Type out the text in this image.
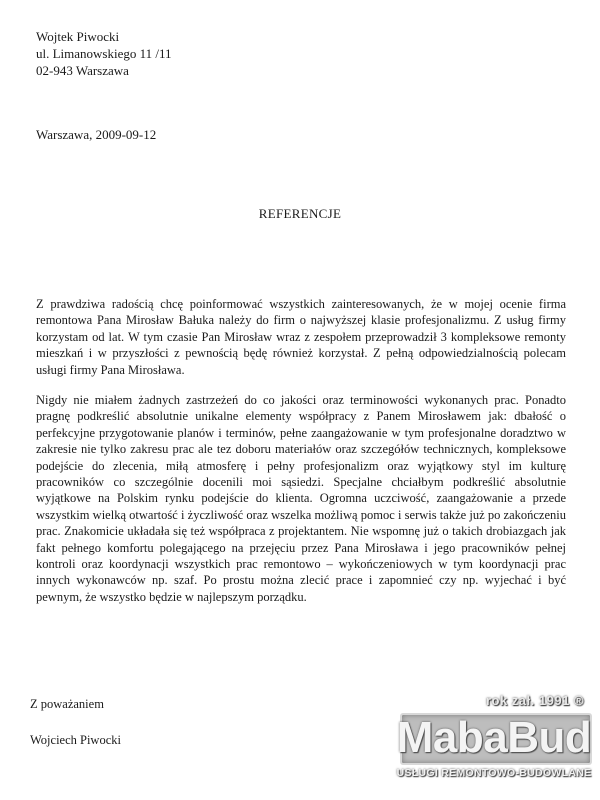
Wojtek Piwocki
ul. Limanowskiego 11 /11
02-943 Warszawa
Warszawa, 2009-09-12
REFERENCJE

Z prawdziwa radością chcę poinformować wszystkich zainteresowanych, że w mojej ocenie firma remontowa Pana Mirosław Bałuka należy do firm o najwyższej klasie profesjonalizmu. Z usług firmy korzystam od lat. W tym czasie Pan Mirosław wraz z zespołem przeprowadził 3 kompleksowe remonty mieszkań i w przyszłości z pewnością będę również korzystał. Z pełną odpowiedzialnością polecam usługi firmy Pana Mirosława.

Nigdy nie miałem żadnych zastrzeżeń do co jakości oraz terminowości wykonanych prac. Ponadto pragnę podkreślić absolutnie unikalne elementy współpracy z Panem Mirosławem jak: dbałość o perfekcyjne przygotowanie planów i terminów, pełne zaangażowanie w tym profesjonalne doradztwo w zakresie nie tylko zakresu prac ale tez doboru materiałów oraz szczegółów technicznych, kompleksowe podejście do zlecenia, miłą atmosferę i pełny profesjonalizm oraz wyjątkowy styl im kulturę pracowników co szczególnie docenili moi sąsiedzi. Specjalne chciałbym podkreślić absolutnie wyjątkowe na Polskim rynku podejście do klienta. Ogromna uczciwość, zaangażowanie a przede wszystkim wielką otwartość i życzliwość oraz wszelka możliwą pomoc i serwis także już po zakończeniu prac. Znakomicie układała się też współpraca z projektantem. Nie wspomnę już o takich drobiazgach jak fakt pełnego komfortu polegającego na przejęciu przez Pana Mirosława i jego pracowników pełnej kontroli oraz koordynacji wszystkich prac remontowo – wykończeniowych w tym koordynacji prac innych wykonawców np. szaf. Po prostu można zlecić prace i zapomnieć czy np. wyjechać i być pewnym, że wszystko będzie w najlepszym porządku.

Z poważaniem
Wojciech Piwocki
rok zał. 1991 ®
MabaBud
USŁUGI REMONTOWO-BUDOWLANE
